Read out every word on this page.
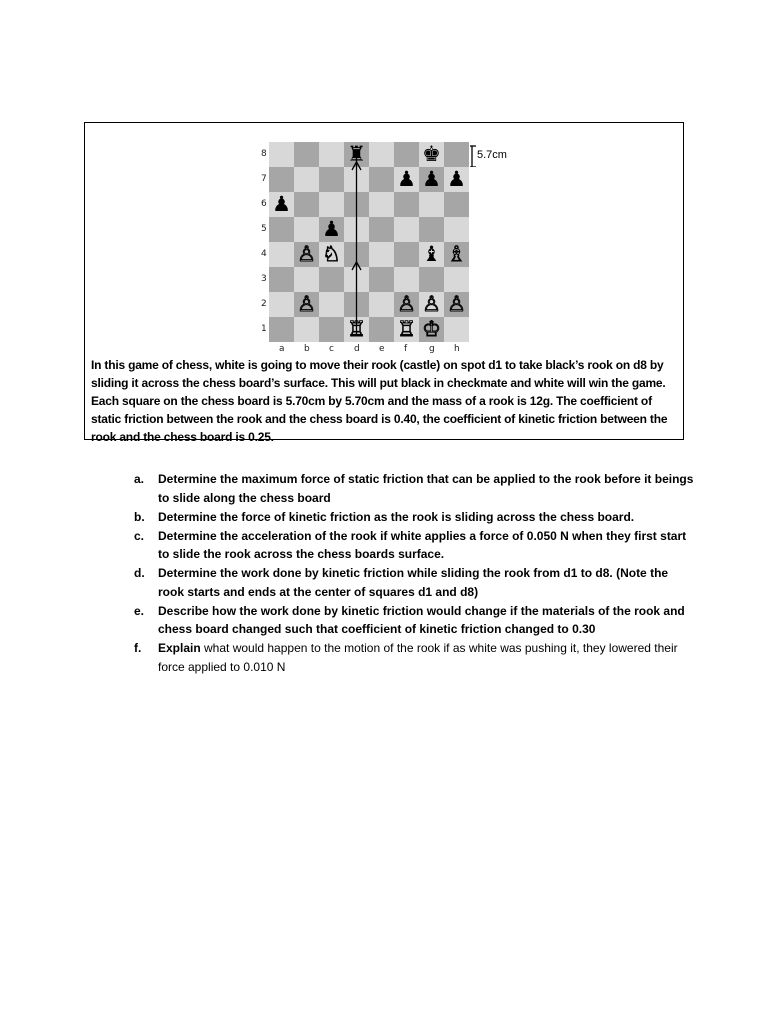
8
7
6
5
4
3
2
1
a b c d e f g h
♜	♚
♟ ♟ ♟
♟
♟
♙ ♘	♝ ♗
♙	♙ ♙ ♙
♖ ♖ ♔
5.7cm
In this game of chess, white is going to move their rook (castle) on spot d1 to take black’s rook on d8 by sliding it across the chess board’s surface. This will put black in checkmate and white will win the game. Each square on the chess board is 5.70cm by 5.70cm and the mass of a rook is 12g. The coefficient of static friction between the rook and the chess board is 0.40, the coefficient of kinetic friction between the rook and the chess board is 0.25.
a. Determine the maximum force of static friction that can be applied to the rook before it beings to slide along the chess board
b. Determine the force of kinetic friction as the rook is sliding across the chess board.
c. Determine the acceleration of the rook if white applies a force of 0.050 N when they first start to slide the rook across the chess boards surface.
d. Determine the work done by kinetic friction while sliding the rook from d1 to d8. (Note the rook starts and ends at the center of squares d1 and d8)
e. Describe how the work done by kinetic friction would change if the materials of the rook and chess board changed such that coefficient of kinetic friction changed to 0.30
f. Explain what would happen to the motion of the rook if as white was pushing it, they lowered their force applied to 0.010 N
